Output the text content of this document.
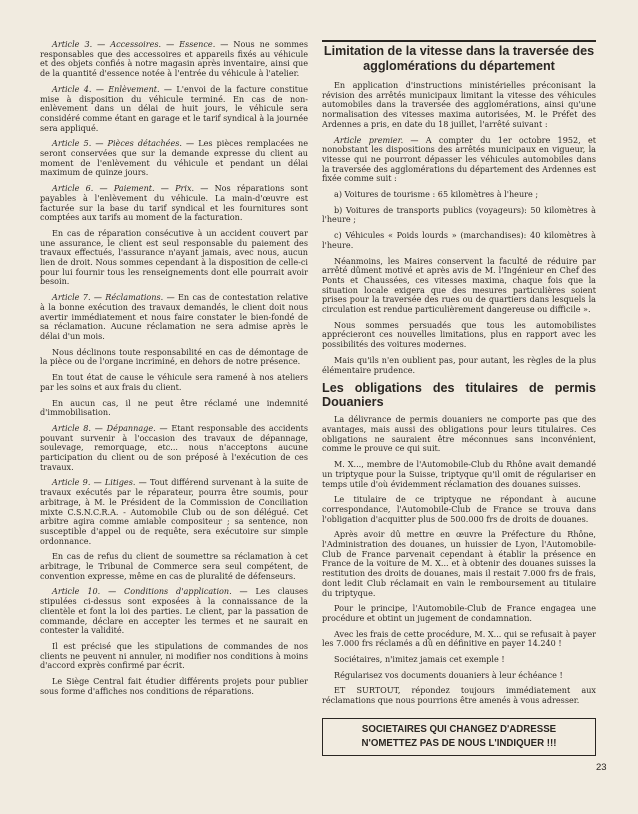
Article 3. — Accessoires. — Essence. — Nous ne sommes responsables que des accessoires et appareils fixés au véhicule et des objets confiés à notre magasin après inventaire, ainsi que de la quantité d'essence notée à l'entrée du véhicule à l'atelier.

Article 4. — Enlèvement. — L'envoi de la facture constitue mise à disposition du véhicule terminé. En cas de non-enlèvement dans un délai de huit jours, le véhicule sera considéré comme étant en garage et le tarif syndical à la journée sera appliqué.

Article 5. — Pièces détachées. — Les pièces remplacées ne seront conservées que sur la demande expresse du client au moment de l'enlèvement du véhicule et pendant un délai maximum de quinze jours.

Article 6. — Paiement. — Prix. — Nos réparations sont payables à l'enlèvement du véhicule. La main-d'œuvre est facturée sur la base du tarif syndical et les fournitures sont comptées aux tarifs au moment de la facturation.

En cas de réparation consécutive à un accident couvert par une assurance, le client est seul responsable du paiement des travaux effectués, l'assurance n'ayant jamais, avec nous, aucun lien de droit. Nous sommes cependant à la disposition de celle-ci pour lui fournir tous les renseignements dont elle pourrait avoir besoin.

Article 7. — Réclamations. — En cas de contestation relative à la bonne exécution des travaux demandés, le client doit nous avertir immédiatement et nous faire constater le bien-fondé de sa réclamation. Aucune réclamation ne sera admise après le délai d'un mois.

Nous déclinons toute responsabilité en cas de démontage de la pièce ou de l'organe incriminé, en dehors de notre présence.

En tout état de cause le véhicule sera ramené à nos ateliers par les soins et aux frais du client.

En aucun cas, il ne peut être réclamé une indemnité d'immobilisation.

Article 8. — Dépannage. — Etant responsable des accidents pouvant survenir à l'occasion des travaux de dépannage, soulevage, remorquage, etc... nous n'acceptons aucune participation du client ou de son préposé à l'exécution de ces travaux.

Article 9. — Litiges. — Tout différend survenant à la suite de travaux exécutés par le réparateur, pourra être soumis, pour arbitrage, à M. le Président de la Commission de Conciliation mixte C.S.N.C.R.A. - Automobile Club ou de son délégué. Cet arbitre agira comme amiable compositeur ; sa sentence, non susceptible d'appel ou de requête, sera exécutoire sur simple ordonnance.

En cas de refus du client de soumettre sa réclamation à cet arbitrage, le Tribunal de Commerce sera seul compétent, de convention expresse, même en cas de pluralité de défenseurs.

Article 10. — Conditions d'application. — Les clauses stipulées ci-dessus sont exposées à la connaissance de la clientèle et font la loi des parties. Le client, par la passation de commande, déclare en accepter les termes et ne saurait en contester la validité.

Il est précisé que les stipulations de commandes de nos clients ne peuvent ni annuler, ni modifier nos conditions à moins d'accord exprès confirmé par écrit.

Le Siège Central fait étudier différents projets pour publier sous forme d'affiches nos conditions de réparations.

Limitation de la vitesse dans la traversée des agglomérations du département

En application d'instructions ministérielles préconisant la révision des arrêtés municipaux limitant la vitesse des véhicules automobiles dans la traversée des agglomérations, ainsi qu'une normalisation des vitesses maxima autorisées, M. le Préfet des Ardennes a pris, en date du 18 juillet, l'arrêté suivant :

Article premier. — A compter du 1er octobre 1952, et nonobstant les dispositions des arrêtés municipaux en vigueur, la vitesse qui ne pourront dépasser les véhicules automobiles dans la traversée des agglomérations du département des Ardennes est fixée comme suit :

a) Voitures de tourisme : 65 kilomètres à l'heure ;

b) Voitures de transports publics (voyageurs): 50 kilomètres à l'heure ;

c) Véhicules « Poids lourds » (marchandises): 40 kilomètres à l'heure.

Néanmoins, les Maires conservent la faculté de réduire par arrêté dûment motivé et après avis de M. l'Ingénieur en Chef des Ponts et Chaussées, ces vitesses maxima, chaque fois que la situation locale exigera que des mesures particulières soient prises pour la traversée des rues ou de quartiers dans lesquels la circulation est rendue particulièrement dangereuse ou difficile ».

Nous sommes persuadés que tous les automobilistes apprécieront ces nouvelles limitations, plus en rapport avec les possibilités des voitures modernes.

Mais qu'ils n'en oublient pas, pour autant, les règles de la plus élémentaire prudence.

Les obligations des titulaires de permis Douaniers

La délivrance de permis douaniers ne comporte pas que des avantages, mais aussi des obligations pour leurs titulaires. Ces obligations ne sauraient être méconnues sans inconvénient, comme le prouve ce qui suit.

M. X..., membre de l'Automobile-Club du Rhône avait demandé un triptyque pour la Suisse, triptyque qu'il omit de régulariser en temps utile d'où évidemment réclamation des douanes suisses.

Le titulaire de ce triptyque ne répondant à aucune correspondance, l'Automobile-Club de France se trouva dans l'obligation d'acquitter plus de 500.000 frs de droits de douanes.

Après avoir dû mettre en œuvre la Préfecture du Rhône, l'Administration des douanes, un huissier de Lyon, l'Automobile-Club de France parvenait cependant à établir la présence en France de la voiture de M. X... et à obtenir des douanes suisses la restitution des droits de douanes, mais il restait 7.000 frs de frais, dont ledit Club réclamait en vain le remboursement au titulaire du triptyque.

Pour le principe, l'Automobile-Club de France engagea une procédure et obtint un jugement de condamnation.

Avec les frais de cette procédure, M. X... qui se refusait à payer les 7.000 frs réclamés a dû en définitive en payer 14.240 !

Sociétaires, n'imitez jamais cet exemple !

Régularisez vos documents douaniers à leur échéance !

ET SURTOUT, répondez toujours immédiatement aux réclamations que nous pourrions être amenés à vous adresser.

SOCIETAIRES QUI CHANGEZ D'ADRESSE
N'OMETTEZ PAS DE NOUS L'INDIQUER !!!
23
